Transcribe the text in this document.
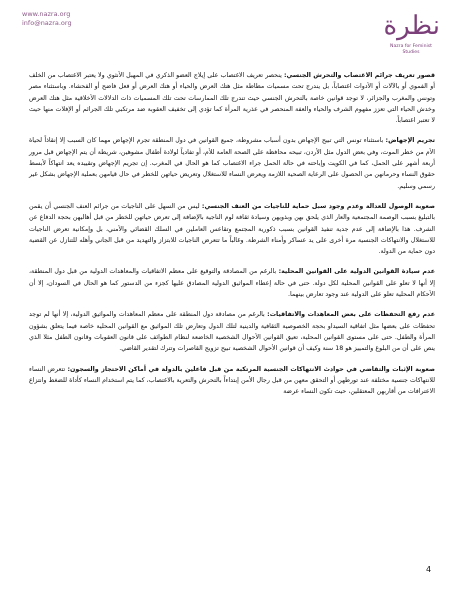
www.nazra.org
info@nazra.org	نظرة
Nazra for Feminist Studies

قصور تعريف جرائم الاغتصاب والتحرش الجنسي: ينحصر تعريف الاغتصاب على إيلاج العضو الذكري في المهبل الأنثوي ولا يعتبر الاغتصاب من الخلف أو الفموي أو بالآلات أو الأدوات اغتصاباً، بل يندرج تحت مسميات مطاطة مثل هتك العرض والحياء أو هتك العرض أو فعل فاضح أو الفحشاء. وباستثناء مصر وتونس والمغرب والجزائر، لا توجد قوانين خاصة بالتحرش الجنسي حيث تندرج تلك الممارسات تحت تلك المسميات ذات الدلالات الأخلاقية مثل هتك العرض وخدش الحياء التي تعزز مفهوم الشرف والحياء والعفة المنحصر في عذرية المرأة كما تؤدي إلى تخفيف العقوبة ضد مرتكبي تلك الجرائم أو الإفلات منها حيث لا تعتبر اغتصاباً.

تجريم الإجهاض: باستثناء تونس التي تبيح الإجهاض بدون أسباب مشروطة، جميع القوانين في دول المنطقة تجرم الإجهاض مهما كان السبب إلا إنقاذاً لحياة الأم من خطر الموت، وفي بعض الدول مثل الأردن، تبيحه محافظة على الصحة العامة للأم، أو تفادياً لولادة أطفال مشوهين، شريطة أن يتم الإجهاض قبل مرور أربعة أشهر على الحمل، كما في الكويت وإباحته في حالة الحمل جراء الاغتصاب كما هو الحال في المغرب. إن تجريم الإجهاض وتقييده يعد انتهاكاً لأبسط حقوق النساء وحرمانهن من الحصول على الرعاية الصحية اللازمة ويعرض النساء للاستغلال وتعريض حياتهن للخطر في حال قيامهن بعملية الإجهاض بشكل غير رسمي وسليم.

صعوبة الوصول للعدالة وعدم وجود سبل حماية للناجيات من العنف الجنسي: ليس من السهل على الناجيات من جرائم العنف الجنسي أن يقمن بالتبليغ بسبب الوصمة المجتمعية والعار الذي يلحق بهن وبذويهن وسيادة ثقافة لوم الناجية بالإضافة إلى تعرض حياتهن للخطر من قبل أهاليهن بحجة الدفاع عن الشرف. هذا بالإضافة إلى عدم جدية تنفيذ القوانين بسبب ذكورية المجتمع وتقاعس العاملين في السلك القضائي والأمني، بل وإمكانية تعرض الناجيات للاستغلال والانتهاكات الجنسية مرة أخرى على يد عساكر وأمناء الشرطة. وغالباً ما تتعرض الناجيات للابتزاز والتهديد من قبل الجاني وأهله للتنازل عن القضية دون حماية من الدولة.

عدم سيادة القوانين الدولية على القوانين المحلية: بالرغم من المصادقة والتوقيع على معظم الاتفاقيات والمعاهدات الدولية من قبل دول المنطقة، إلا أنها لا تعلو على القوانين المحلية لكل دولة. حتى في حالة إعطاء المواثيق الدولية المصادق عليها كجزء من الدستور كما هو الحال في السودان، إلا أن الأحكام المحلية تعلو على الدولية عند وجود تعارض بينهما.

عدم رفع التحفظات على بعض المعاهدات والاتفاقيات: بالرغم من مصادقة دول المنطقة على معظم المعاهدات والمواثيق الدولية، إلا أنها لم توجد تحفظات على بعضها مثل اتفاقية السيداو بحجة الخصوصية الثقافية والدينية لتلك الدول وتعارض تلك المواثيق مع القوانين المحلية خاصة فيما يتعلق بشؤون المرأة والطفل. حتى على مستوى القوانين المحلية، تعيق القوانين الأحوال الشخصية الخاضعة لنظام الطوائف على قانون العقوبات وقانون الطفل مثلا الذي ينص على أن من البلوغ والتمييز هو 18 سنة وكيف أن قوانين الأحوال الشخصية تبيح تزويج القاصرات وتترك لتقدير القاضي.

صعوبة الإثبات والتقاضي في حوادث الانتهاكات الجنسية المرتكبة من قبل فاعلين بالدولة في أماكن الاحتجاز والسجون: تتعرض النساء للانتهاكات جنسية مختلفة عند تورطهن أو التحقق معهن من قبل رجال الأمن إبتداءاً بالتحرش والتعرية بالاغتصاب، كما يتم استخدام النساء كأداة للضغط وانتزاع الاعترافات من أقاربهن المعتقلين، حيث تكون النساء عرضة

4
